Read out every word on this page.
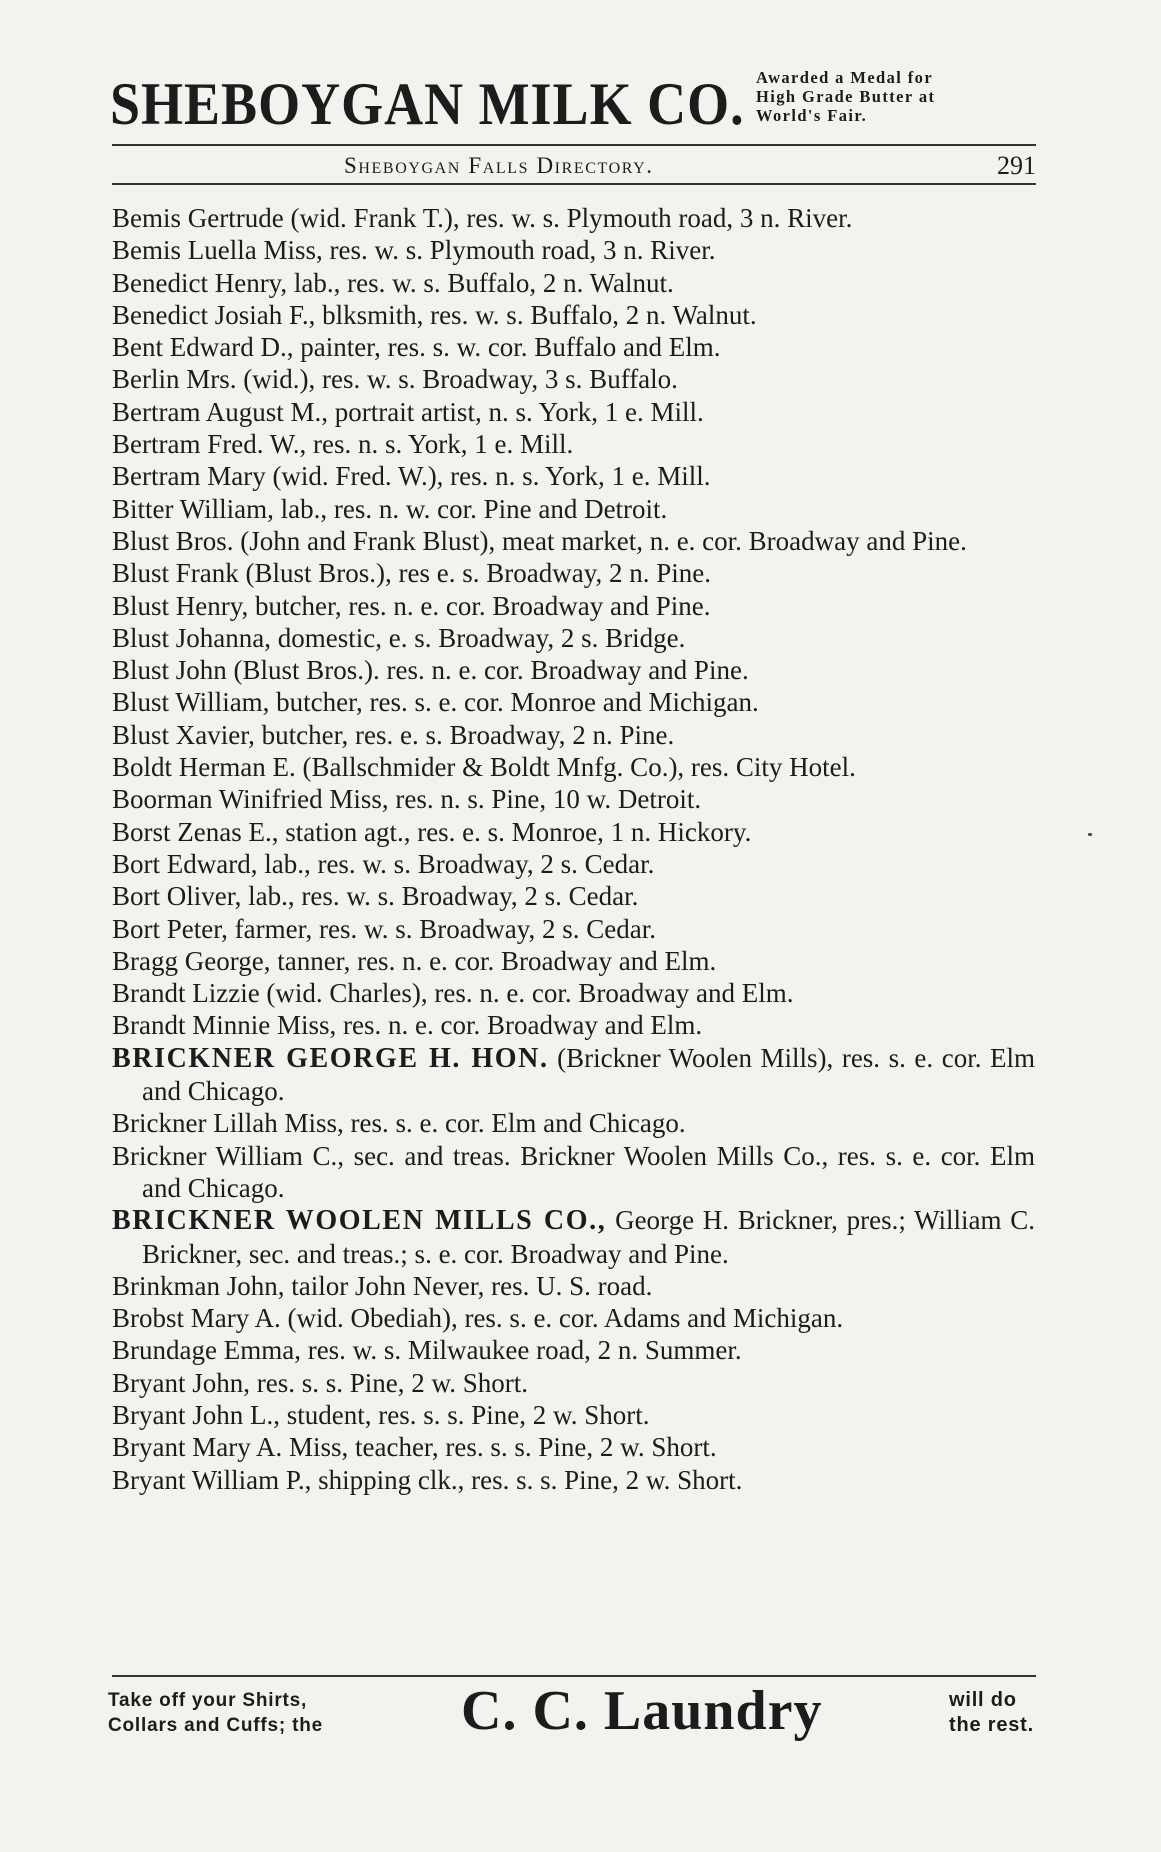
SHEBOYGAN MILK CO. Awarded a Medal for
High Grade Butter at
World's Fair.
Sheboygan Falls Directory.	291
Bemis Gertrude (wid. Frank T.), res. w. s. Plymouth road, 3 n. River.
Bemis Luella Miss, res. w. s. Plymouth road, 3 n. River.
Benedict Henry, lab., res. w. s. Buffalo, 2 n. Walnut.
Benedict Josiah F., blksmith, res. w. s. Buffalo, 2 n. Walnut.
Bent Edward D., painter, res. s. w. cor. Buffalo and Elm.
Berlin Mrs. (wid.), res. w. s. Broadway, 3 s. Buffalo.
Bertram August M., portrait artist, n. s. York, 1 e. Mill.
Bertram Fred. W., res. n. s. York, 1 e. Mill.
Bertram Mary (wid. Fred. W.), res. n. s. York, 1 e. Mill.
Bitter William, lab., res. n. w. cor. Pine and Detroit.
Blust Bros. (John and Frank Blust), meat market, n. e. cor. Broadway and Pine.
Blust Frank (Blust Bros.), res e. s. Broadway, 2 n. Pine.
Blust Henry, butcher, res. n. e. cor. Broadway and Pine.
Blust Johanna, domestic, e. s. Broadway, 2 s. Bridge.
Blust John (Blust Bros.). res. n. e. cor. Broadway and Pine.
Blust William, butcher, res. s. e. cor. Monroe and Michigan.
Blust Xavier, butcher, res. e. s. Broadway, 2 n. Pine.
Boldt Herman E. (Ballschmider & Boldt Mnfg. Co.), res. City Hotel.
Boorman Winifried Miss, res. n. s. Pine, 10 w. Detroit.
Borst Zenas E., station agt., res. e. s. Monroe, 1 n. Hickory.
Bort Edward, lab., res. w. s. Broadway, 2 s. Cedar.
Bort Oliver, lab., res. w. s. Broadway, 2 s. Cedar.
Bort Peter, farmer, res. w. s. Broadway, 2 s. Cedar.
Bragg George, tanner, res. n. e. cor. Broadway and Elm.
Brandt Lizzie (wid. Charles), res. n. e. cor. Broadway and Elm.
Brandt Minnie Miss, res. n. e. cor. Broadway and Elm.
BRICKNER GEORGE H. HON. (Brickner Woolen Mills), res. s. e. cor. Elm and Chicago.
Brickner Lillah Miss, res. s. e. cor. Elm and Chicago.
Brickner William C., sec. and treas. Brickner Woolen Mills Co., res. s. e. cor. Elm and Chicago.
BRICKNER WOOLEN MILLS CO., George H. Brickner, pres.; William C. Brickner, sec. and treas.; s. e. cor. Broadway and Pine.
Brinkman John, tailor John Never, res. U. S. road.
Brobst Mary A. (wid. Obediah), res. s. e. cor. Adams and Michigan.
Brundage Emma, res. w. s. Milwaukee road, 2 n. Summer.
Bryant John, res. s. s. Pine, 2 w. Short.
Bryant John L., student, res. s. s. Pine, 2 w. Short.
Bryant Mary A. Miss, teacher, res. s. s. Pine, 2 w. Short.
Bryant William P., shipping clk., res. s. s. Pine, 2 w. Short.
Take off your Shirts,
Collars and Cuffs; the C. C. Laundry	will do
the rest.
